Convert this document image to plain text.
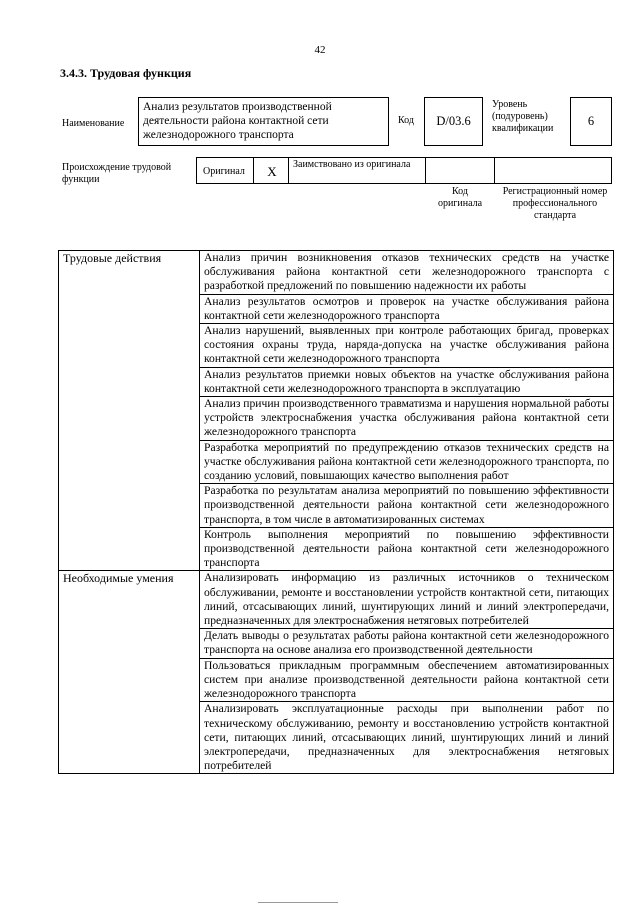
42
3.4.3. Трудовая функция
Наименование
Анализ результатов производственной деятельности района контактной сети железнодорожного транспорта
Код	D/03.6
Уровень (подуровень) квалификации
6
Происхождение трудовой функции
Оригинал	X	Заимствовано из оригинала
Код оригинала
Регистрационный номер профессионального стандарта
Трудовые действия	Анализ причин возникновения отказов технических средств на участке обслуживания района контактной сети железнодорожного транспорта с разработкой предложений по повышению надежности их работы
	Анализ результатов осмотров и проверок на участке обслуживания района контактной сети железнодорожного транспорта
	Анализ нарушений, выявленных при контроле работающих бригад, проверках состояния охраны труда, наряда-допуска на участке обслуживания района контактной сети железнодорожного транспорта
	Анализ результатов приемки новых объектов на участке обслуживания района контактной сети железнодорожного транспорта в эксплуатацию
	Анализ причин производственного травматизма и нарушения нормальной работы устройств электроснабжения участка обслуживания района контактной сети железнодорожного транспорта
	Разработка мероприятий по предупреждению отказов технических средств на участке обслуживания района контактной сети железнодорожного транспорта, по созданию условий, повышающих качество выполнения работ
	Разработка по результатам анализа мероприятий по повышению эффективности производственной деятельности района контактной сети железнодорожного транспорта, в том числе в автоматизированных системах
	Контроль выполнения мероприятий по повышению эффективности производственной деятельности района контактной сети железнодорожного транспорта
Необходимые умения	Анализировать информацию из различных источников о техническом обслуживании, ремонте и восстановлении устройств контактной сети, питающих линий, отсасывающих линий, шунтирующих линий и линий электропередачи, предназначенных для электроснабжения нетяговых потребителей
	Делать выводы о результатах работы района контактной сети железнодорожного транспорта на основе анализа его производственной деятельности
	Пользоваться прикладным программным обеспечением автоматизированных систем при анализе производственной деятельности района контактной сети железнодорожного транспорта
	Анализировать эксплуатационные расходы при выполнении работ по техническому обслуживанию, ремонту и восстановлению устройств контактной сети, питающих линий, отсасывающих линий, шунтирующих линий и линий электропередачи, предназначенных для электроснабжения нетяговых потребителей
